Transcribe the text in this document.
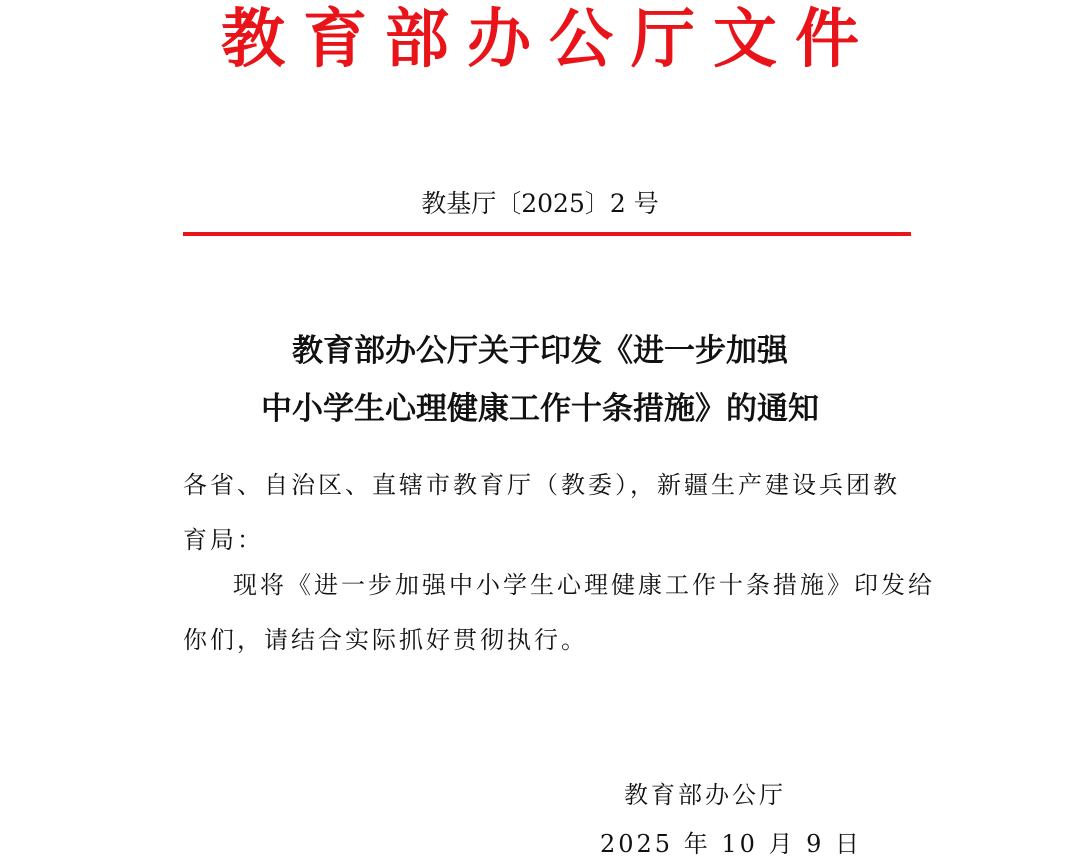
教育部办公厅文件
教基厅〔2025〕2 号
教育部办公厅关于印发《进一步加强
中小学生心理健康工作十条措施》的通知
各省、自治区、直辖市教育厅（教委），新疆生产建设兵团教
育局：
现将《进一步加强中小学生心理健康工作十条措施》印发给
你们，请结合实际抓好贯彻执行。
教育部办公厅
2025 年 10 月 9 日
